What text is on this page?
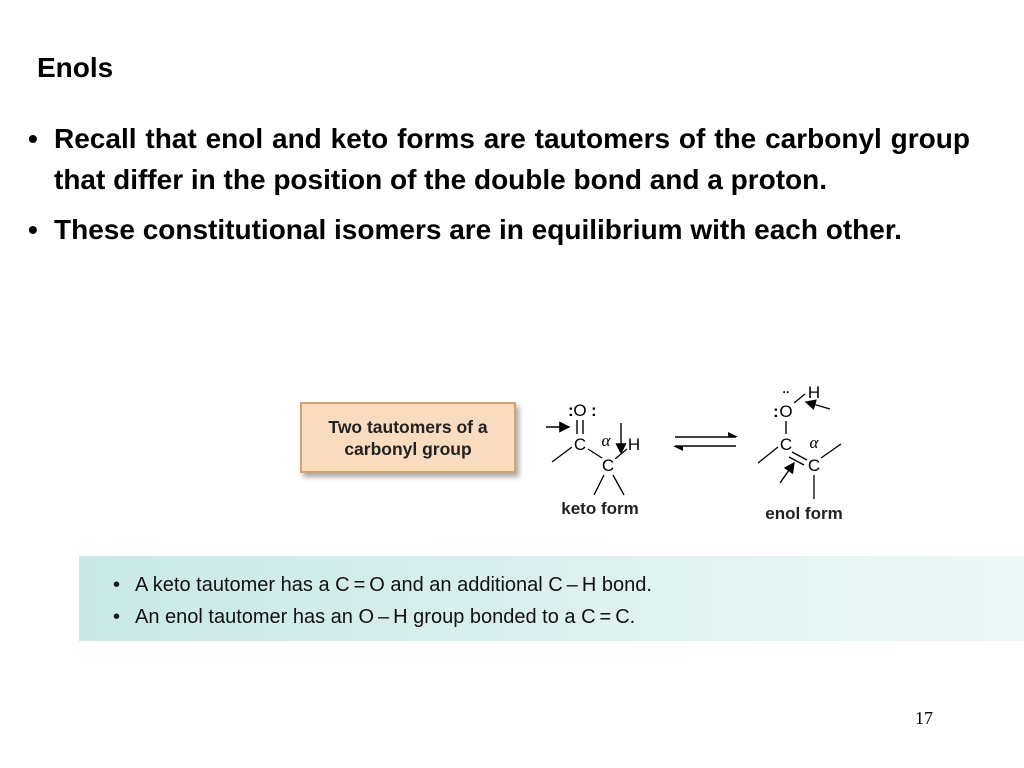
Enols
• Recall that enol and keto forms are tautomers of the carbonyl group that differ in the position of the double bond and a proton.
• These constitutional isomers are in equilibrium with each other.
Two tautomers of a carbonyl group
: O :
C
C
α H
keto form
:
¨
O
H
C
C
α
enol form
• A keto tautomer has a C = O and an additional C – H bond.
• An enol tautomer has an O – H group bonded to a C = C.
17
